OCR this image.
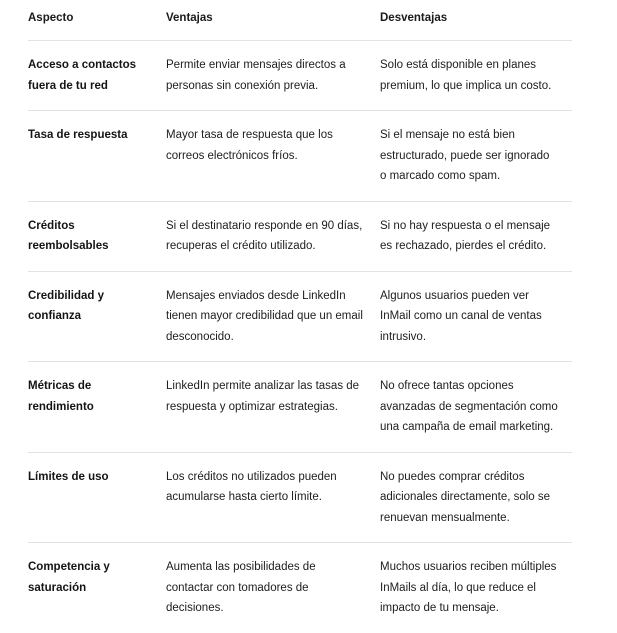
Aspecto	Ventajas	Desventajas
Acceso a contactos fuera de tu red	Permite enviar mensajes directos a personas sin conexión previa.	Solo está disponible en planes premium, lo que implica un costo.
Tasa de respuesta	Mayor tasa de respuesta que los correos electrónicos fríos.	Si el mensaje no está bien estructurado, puede ser ignorado o marcado como spam.
Créditos reembolsables	Si el destinatario responde en 90 días, recuperas el crédito utilizado.	Si no hay respuesta o el mensaje es rechazado, pierdes el crédito.
Credibilidad y confianza	Mensajes enviados desde LinkedIn tienen mayor credibilidad que un email desconocido.	Algunos usuarios pueden ver InMail como un canal de ventas intrusivo.
Métricas de rendimiento	LinkedIn permite analizar las tasas de respuesta y optimizar estrategias.	No ofrece tantas opciones avanzadas de segmentación como una campaña de email marketing.
Límites de uso	Los créditos no utilizados pueden acumularse hasta cierto límite.	No puedes comprar créditos adicionales directamente, solo se renuevan mensualmente.
Competencia y saturación	Aumenta las posibilidades de contactar con tomadores de decisiones.	Muchos usuarios reciben múltiples InMails al día, lo que reduce el impacto de tu mensaje.
